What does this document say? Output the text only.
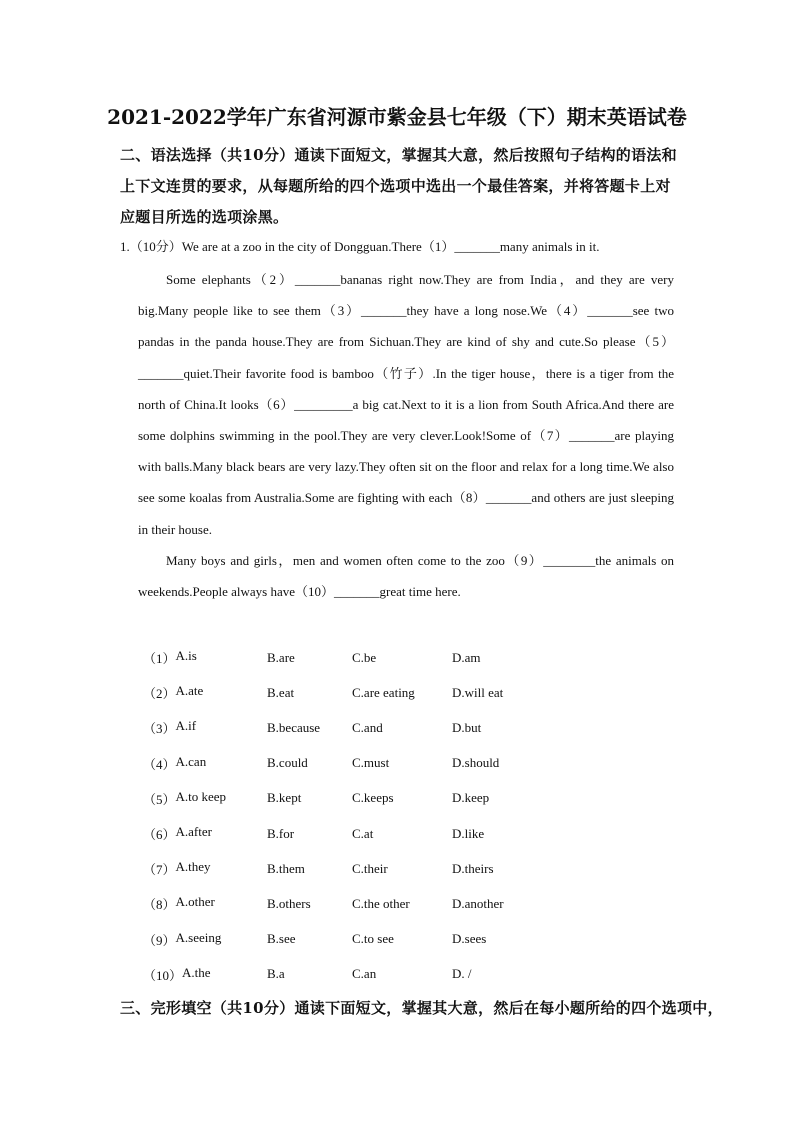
2021-2022学年广东省河源市紫金县七年级（下）期末英语试卷
二、语法选择（共10分）通读下面短文，掌握其大意，然后按照句子结构的语法和上下文连贯的要求，从每题所给的四个选项中选出一个最佳答案，并将答题卡上对应题目所选的选项涂黑。
1.（10分）We are at a zoo in the city of Dongguan.There（1）_______many animals in it.

Some elephants（2）_______bananas right now.They are from India，and they are very big.Many people like to see them（3）_______they have a long nose.We（4）_______see two pandas in the panda house.They are from Sichuan.They are kind of shy and cute.So please（5）_______quiet.Their favorite food is bamboo（竹子）.In the tiger house，there is a tiger from the north of China.It looks（6）_________a big cat.Next to it is a lion from South Africa.And there are some dolphins swimming in the pool.They are very clever.Look!Some of（7）_______are playing with balls.Many black bears are very lazy.They often sit on the floor and relax for a long time.We also see some koalas from Australia.Some are fighting with each（8）_______and others are just sleeping in their house.

Many boys and girls，men and women often come to the zoo（9）________the animals on weekends.People always have（10）_______great time here.

（1） A.is	B.are	C.be	D.am
（2） A.ate	B.eat	C.are eating	D.will eat
（3） A.if	B.because	C.and	D.but
（4） A.can	B.could	C.must	D.should
（5） A.to keep	B.kept	C.keeps	D.keep
（6） A.after	B.for	C.at	D.like
（7） A.they	B.them	C.their	D.theirs
（8） A.other	B.others	C.the other	D.another
（9） A.seeing	B.see	C.to see	D.sees
（10） A.the	B.a	C.an	D. /
三、完形填空（共10分）通读下面短文，掌握其大意，然后在每小题所给的四个选项中，
